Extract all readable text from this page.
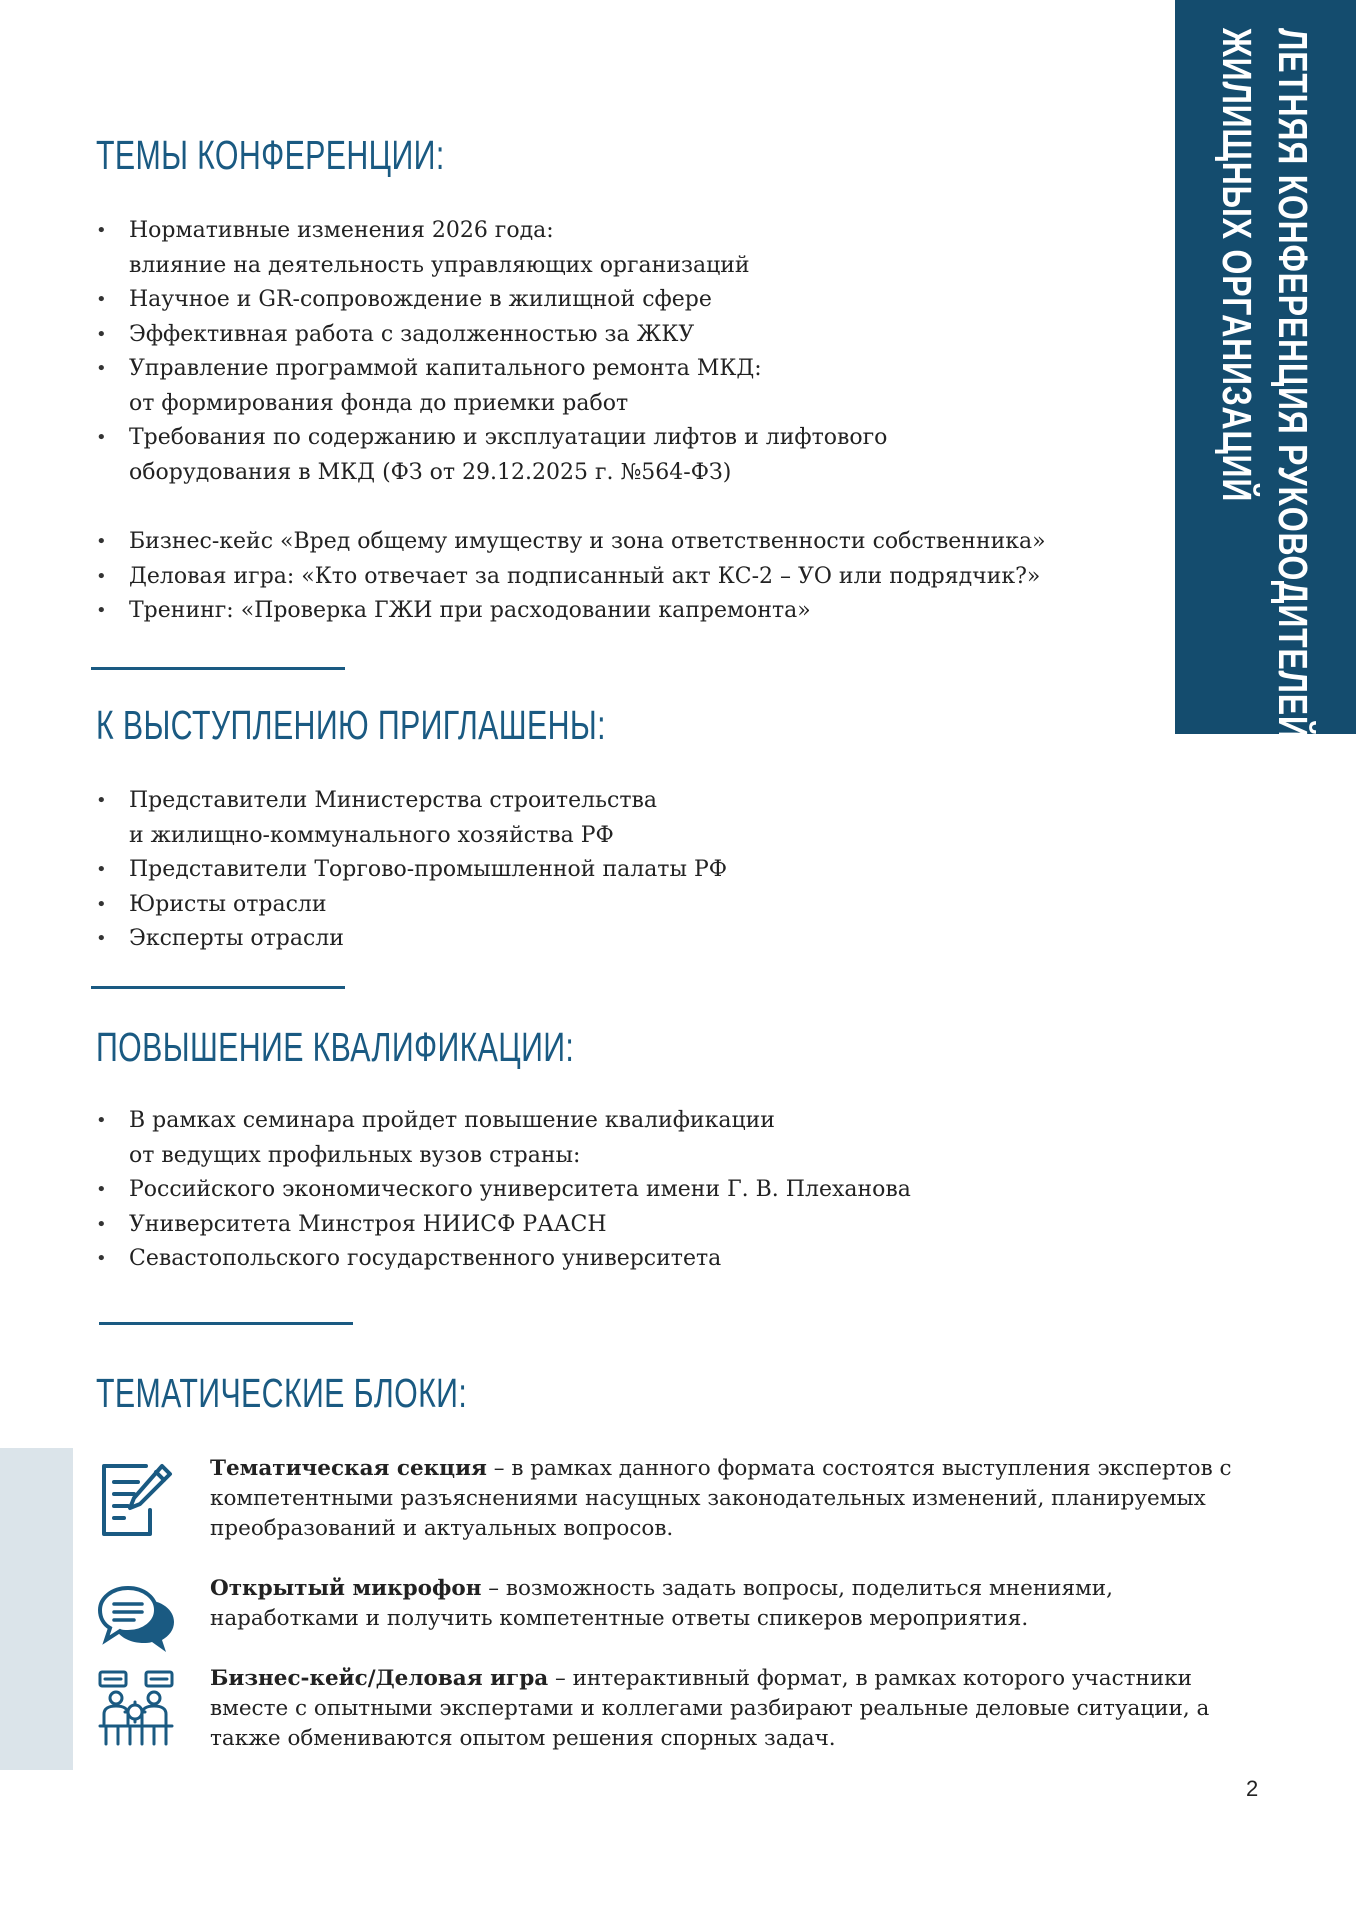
ЛЕТНЯЯ КОНФЕРЕНЦИЯ РУКОВОДИТЕЛЕЙ
ЖИЛИЩНЫХ ОРГАНИЗАЦИЙ
ТЕМЫ КОНФЕРЕНЦИИ:
• Нормативные изменения 2026 года:
влияние на деятельность управляющих организаций
• Научное и GR-сопровождение в жилищной сфере
• Эффективная работа с задолженностью за ЖКУ
• Управление программой капитального ремонта МКД:
от формирования фонда до приемки работ
• Требования по содержанию и эксплуатации лифтов и лифтового
оборудования в МКД (ФЗ от 29.12.2025 г. №564-ФЗ)
• Бизнес-кейс «Вред общему имуществу и зона ответственности собственника»
• Деловая игра: «Кто отвечает за подписанный акт КС-2 – УО или подрядчик?»
• Тренинг: «Проверка ГЖИ при расходовании капремонта»
К ВЫСТУПЛЕНИЮ ПРИГЛАШЕНЫ:
• Представители Министерства строительства
и жилищно-коммунального хозяйства РФ
• Представители Торгово-промышленной палаты РФ
• Юристы отрасли
• Эксперты отрасли
ПОВЫШЕНИЕ КВАЛИФИКАЦИИ:
• В рамках семинара пройдет повышение квалификации
от ведущих профильных вузов страны:
• Российского экономического университета имени Г. В. Плеханова
• Университета Минстроя НИИСФ РААСН
• Севастопольского государственного университета
ТЕМАТИЧЕСКИЕ БЛОКИ:
Тематическая секция – в рамках данного формата состоятся выступления экспертов с компетентными разъяснениями насущных законодательных изменений, планируемых преобразований и актуальных вопросов.
Открытый микрофон – возможность задать вопросы, поделиться мнениями, наработками и получить компетентные ответы спикеров мероприятия.
Бизнес-кейс/Деловая игра – интерактивный формат, в рамках которого участники вместе с опытными экспертами и коллегами разбирают реальные деловые ситуации, а также обмениваются опытом решения спорных задач.
2
